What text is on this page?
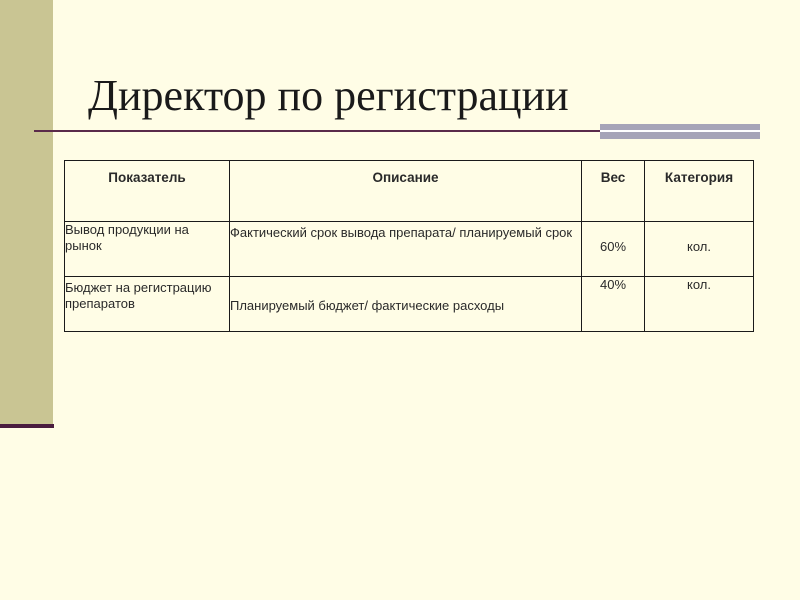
Директор по регистрации
Показатель	Описание	Вес	Категория
Вывод продукции на рынок	Фактический срок вывода препарата/ планируемый срок	60%	кол.
Бюджет на регистрацию препаратов	Планируемый бюджет/ фактические расходы	40%	кол.
